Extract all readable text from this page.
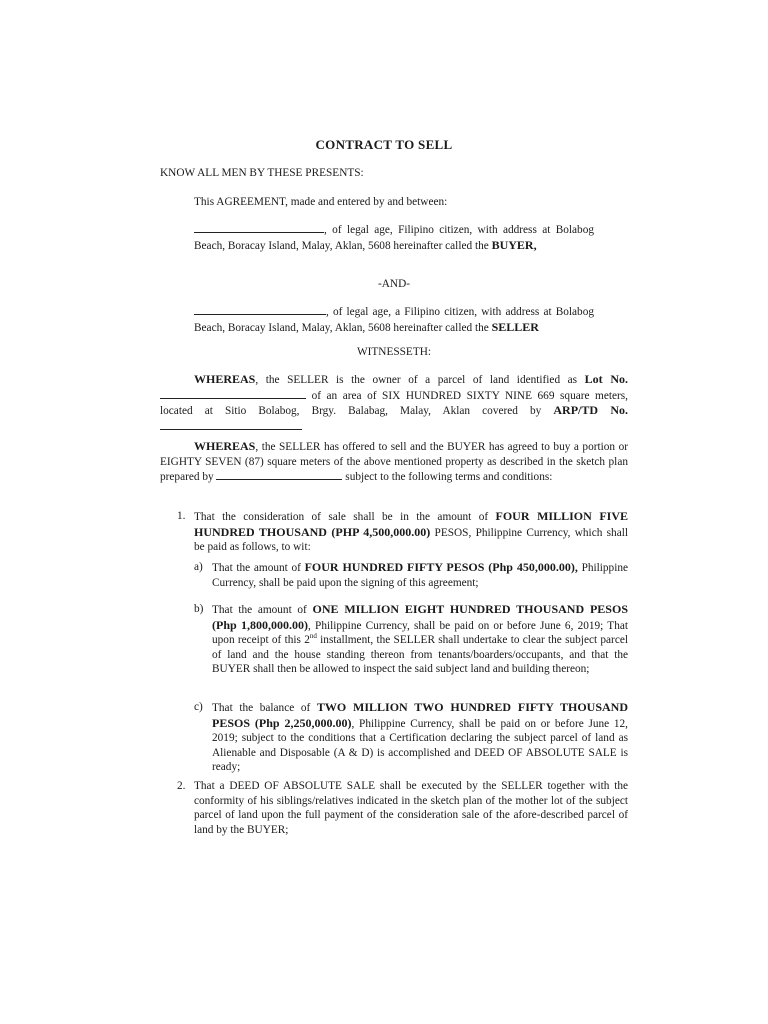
CONTRACT TO SELL
KNOW ALL MEN BY THESE PRESENTS:
This AGREEMENT, made and entered by and between:
, of legal age, Filipino citizen, with address at Bolabog Beach, Boracay Island, Malay, Aklan, 5608 hereinafter called the BUYER,
-AND-
, of legal age, a Filipino citizen, with address at Bolabog Beach, Boracay Island, Malay, Aklan, 5608 hereinafter called the SELLER
WITNESSETH:
WHEREAS, the SELLER is the owner of a parcel of land identified as Lot No.  of an area of SIX HUNDRED SIXTY NINE 669 square meters, located at Sitio Bolabog, Brgy. Balabag, Malay, Aklan covered by ARP/TD No.
WHEREAS, the SELLER has offered to sell and the BUYER has agreed to buy a portion or EIGHTY SEVEN (87) square meters of the above mentioned property as described in the sketch plan prepared by	subject to the following terms and conditions:
1. That the consideration of sale shall be in the amount of FOUR MILLION FIVE HUNDRED THOUSAND (PHP 4,500,000.00) PESOS, Philippine Currency, which shall be paid as follows, to wit:
a) That the amount of FOUR HUNDRED FIFTY PESOS (Php 450,000.00), Philippine Currency, shall be paid upon the signing of this agreement;
b) That the amount of ONE MILLION EIGHT HUNDRED THOUSAND PESOS (Php 1,800,000.00), Philippine Currency, shall be paid on or before June 6, 2019; That upon receipt of this 2nd installment, the SELLER shall undertake to clear the subject parcel of land and the house standing thereon from tenants/boarders/occupants, and that the BUYER shall then be allowed to inspect the said subject land and building thereon;
c) That the balance of TWO MILLION TWO HUNDRED FIFTY THOUSAND PESOS (Php 2,250,000.00), Philippine Currency, shall be paid on or before June 12, 2019; subject to the conditions that a Certification declaring the subject parcel of land as Alienable and Disposable (A & D) is accomplished and DEED OF ABSOLUTE SALE is ready;
2. That a DEED OF ABSOLUTE SALE shall be executed by the SELLER together with the conformity of his siblings/relatives indicated in the sketch plan of the mother lot of the subject parcel of land upon the full payment of the consideration sale of the afore-described parcel of land by the BUYER;
